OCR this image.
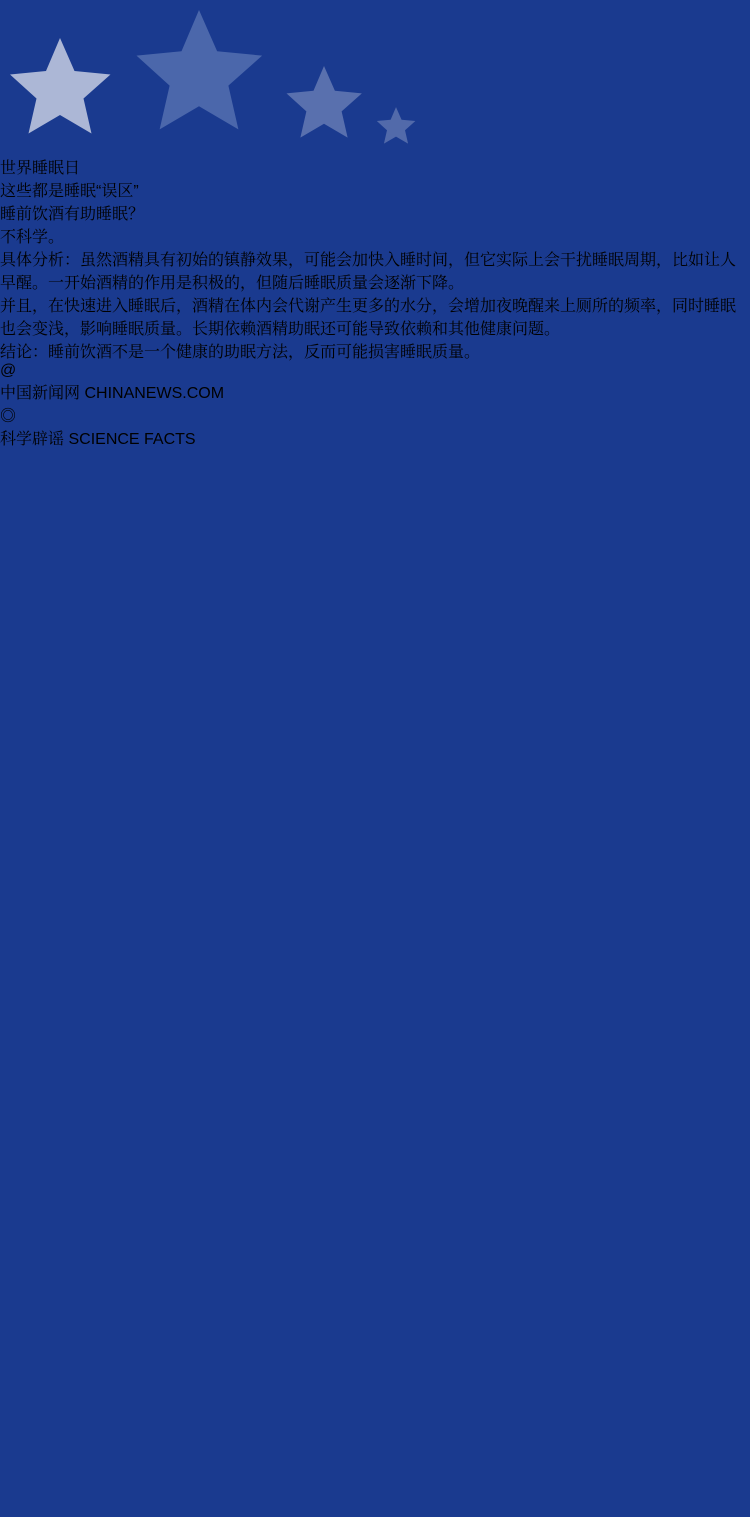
世界睡眠日
这些都是睡眠“误区”
睡前饮酒有助睡眠？

不科学。

具体分析：虽然酒精具有初始的镇静效果，可能会加快入睡时间，但它实际上会干扰睡眠周期，比如让人早醒。一开始酒精的作用是积极的，但随后睡眠质量会逐渐下降。

并且，在快速进入睡眠后，酒精在体内会代谢产生更多的水分，会增加夜晚醒来上厕所的频率，同时睡眠也会变浅，影响睡眠质量。长期依赖酒精助眠还可能导致依赖和其他健康问题。

结论：睡前饮酒不是一个健康的助眠方法，反而可能损害睡眠质量。

@
中国新闻网 CHINANEWS.COM
◎
科学辟谣 SCIENCE FACTS
